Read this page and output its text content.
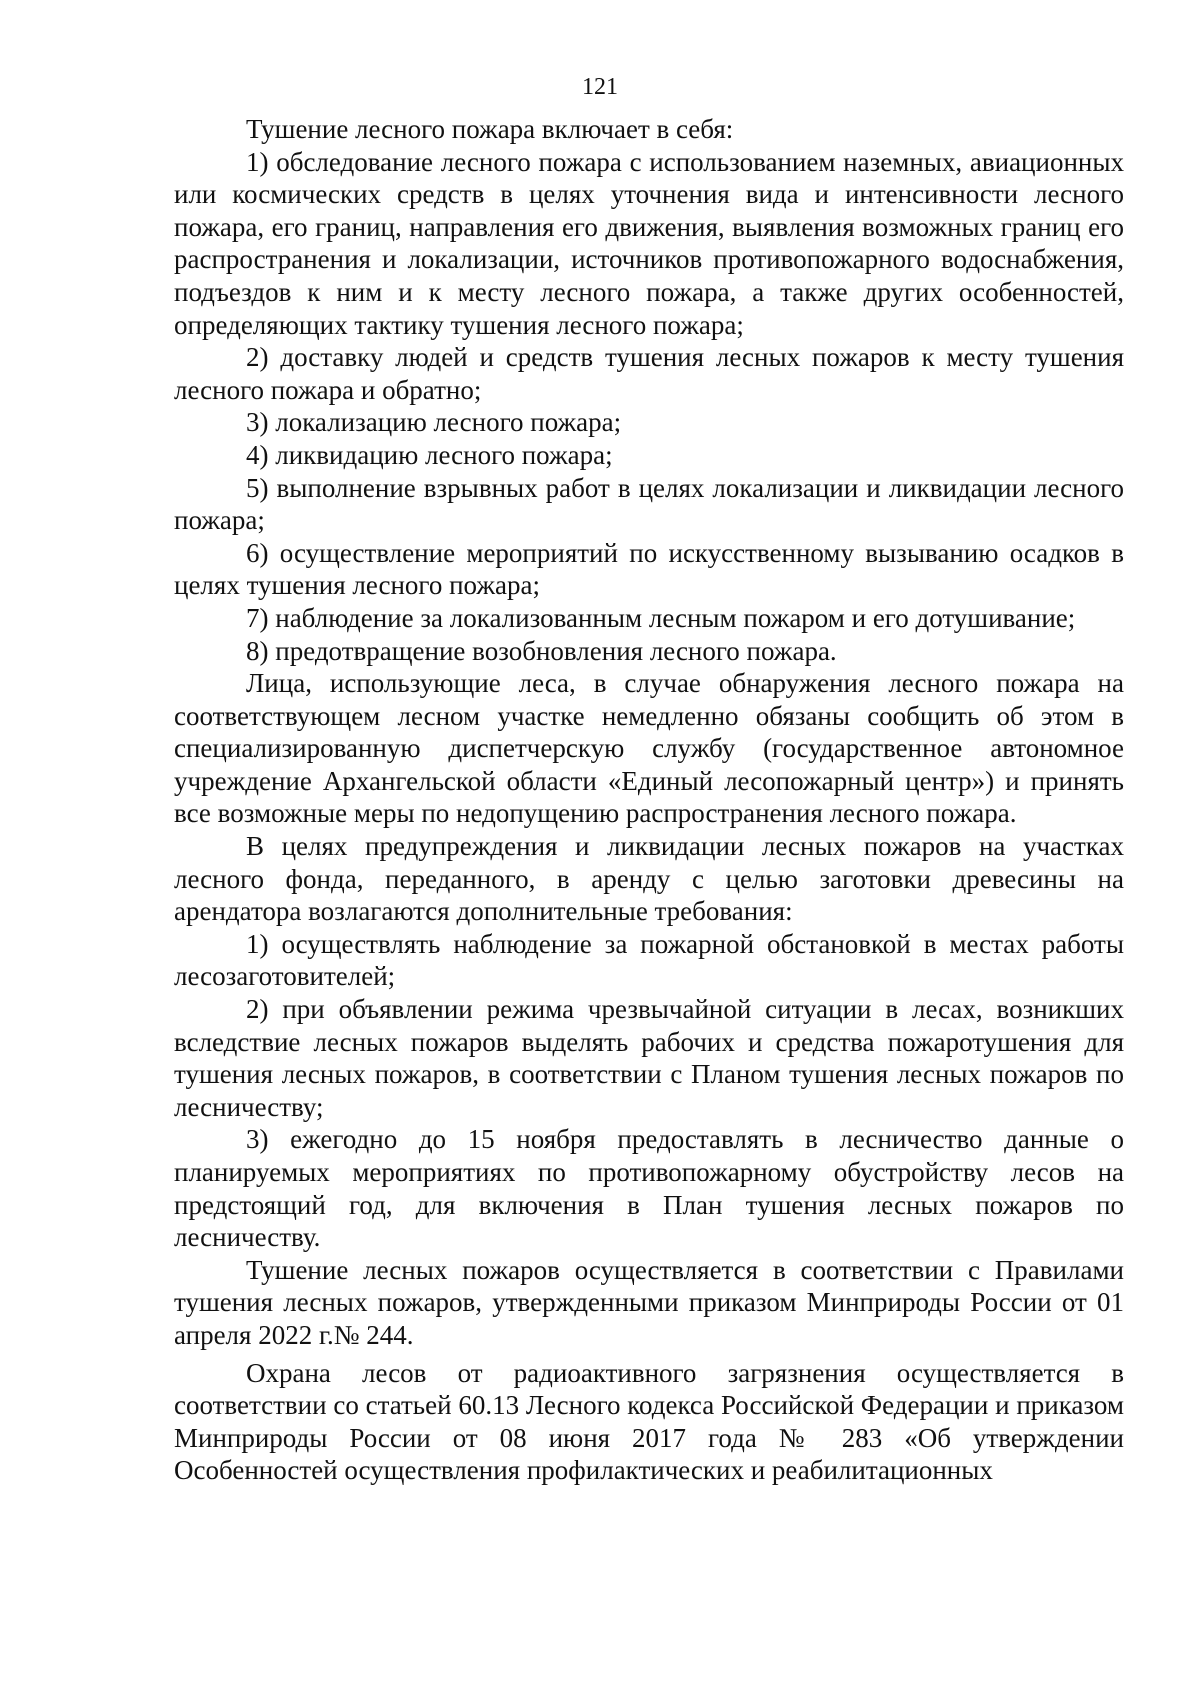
121

Тушение лесного пожара включает в себя:

1) обследование лесного пожара с использованием наземных, авиационных или космических средств в целях уточнения вида и интенсивности лесного пожара, его границ, направления его движения, выявления возможных границ его распространения и локализации, источников противопожарного водоснабжения, подъездов к ним и к месту лесного пожара, а также других особенностей, определяющих тактику тушения лесного пожара;

2) доставку людей и средств тушения лесных пожаров к месту тушения лесного пожара и обратно;

3) локализацию лесного пожара;

4) ликвидацию лесного пожара;

5) выполнение взрывных работ в целях локализации и ликвидации лесного пожара;

6) осуществление мероприятий по искусственному вызыванию осадков в целях тушения лесного пожара;

7) наблюдение за локализованным лесным пожаром и его дотушивание;

8) предотвращение возобновления лесного пожара.

Лица, использующие леса, в случае обнаружения лесного пожара на соответствующем лесном участке немедленно обязаны сообщить об этом в специализированную диспетчерскую службу (государственное автономное учреждение Архангельской области «Единый лесопожарный центр») и принять все возможные меры по недопущению распространения лесного пожара.

В целях предупреждения и ликвидации лесных пожаров на участках лесного фонда, переданного, в аренду с целью заготовки древесины на арендатора возлагаются дополнительные требования:

1) осуществлять наблюдение за пожарной обстановкой в местах работы лесозаготовителей;

2) при объявлении режима чрезвычайной ситуации в лесах, возникших вследствие лесных пожаров выделять рабочих и средства пожаротушения для тушения лесных пожаров, в соответствии с Планом тушения лесных пожаров по лесничеству;

3) ежегодно до 15 ноября предоставлять в лесничество данные о планируемых мероприятиях по противопожарному обустройству лесов на предстоящий год, для включения в План тушения лесных пожаров по лесничеству.

Тушение лесных пожаров осуществляется в соответствии с Правилами тушения лесных пожаров, утвержденными приказом Минприроды России от 01 апреля 2022 г.№ 244.

Охрана лесов от радиоактивного загрязнения осуществляется в соответствии со статьей 60.13 Лесного кодекса Российской Федерации и приказом Минприроды России от 08 июня 2017 года № 283 «Об утверждении Особенностей осуществления профилактических и реабилитационных
